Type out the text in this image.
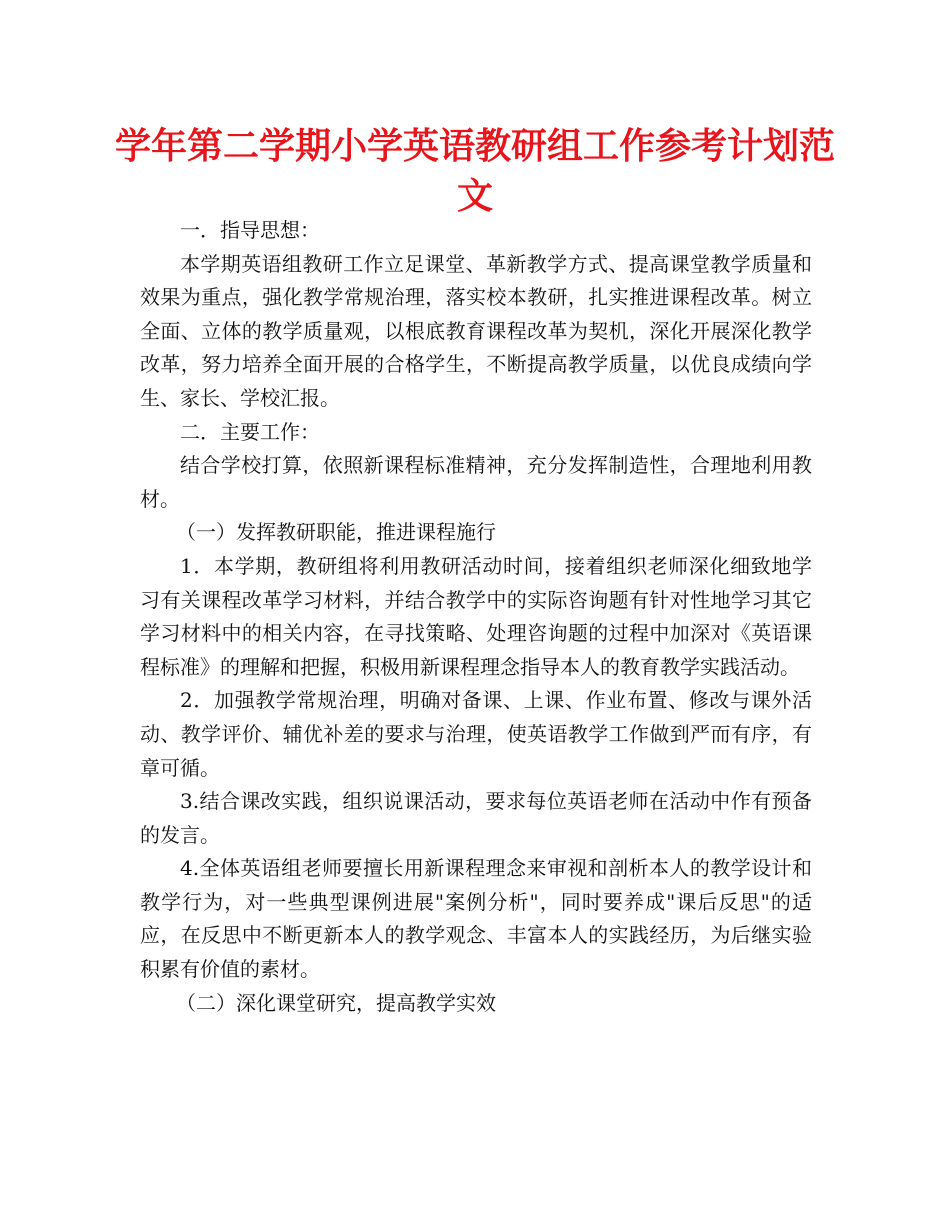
学年第二学期小学英语教研组工作参考计划范文

一．指导思想：

本学期英语组教研工作立足课堂、革新教学方式、提高课堂教学质量和效果为重点，强化教学常规治理，落实校本教研，扎实推进课程改革。树立全面、立体的教学质量观，以根底教育课程改革为契机，深化开展深化教学改革，努力培养全面开展的合格学生，不断提高教学质量，以优良成绩向学生、家长、学校汇报。

二．主要工作：

结合学校打算，依照新课程标准精神，充分发挥制造性，合理地利用教材。

（一）发挥教研职能，推进课程施行

1．本学期，教研组将利用教研活动时间，接着组织老师深化细致地学习有关课程改革学习材料，并结合教学中的实际咨询题有针对性地学习其它学习材料中的相关内容，在寻找策略、处理咨询题的过程中加深对《英语课程标准》的理解和把握，积极用新课程理念指导本人的教育教学实践活动。

2．加强教学常规治理，明确对备课、上课、作业布置、修改与课外活动、教学评价、辅优补差的要求与治理，使英语教学工作做到严而有序，有章可循。

3.结合课改实践，组织说课活动，要求每位英语老师在活动中作有预备的发言。

4.全体英语组老师要擅长用新课程理念来审视和剖析本人的教学设计和教学行为，对一些典型课例进展"案例分析"，同时要养成"课后反思"的适应，在反思中不断更新本人的教学观念、丰富本人的实践经历，为后继实验积累有价值的素材。

（二）深化课堂研究，提高教学实效
